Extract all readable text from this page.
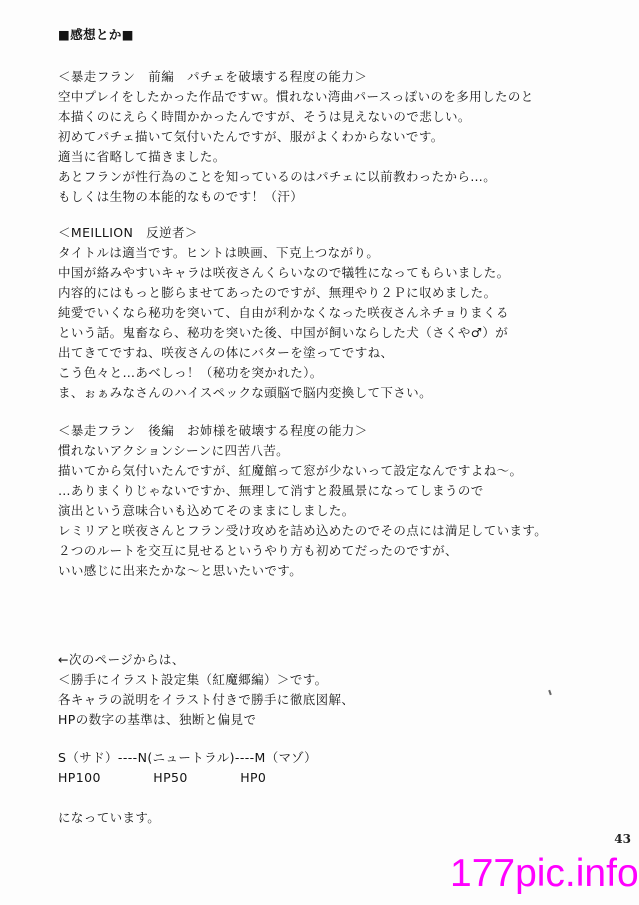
■感想とか■
＜暴走フラン　前編　パチェを破壊する程度の能力＞
空中プレイをしたかった作品ですｗ。慣れない湾曲パースっぽいのを多用したのと
本描くのにえらく時間かかったんですが、そうは見えないので悲しい。
初めてパチェ描いて気付いたんですが、服がよくわからないです。
適当に省略して描きました。
あとフランが性行為のことを知っているのはパチェに以前教わったから…。
もしくは生物の本能的なものです！（汗）
＜MEILLION　反逆者＞
タイトルは適当です。ヒントは映画、下克上つながり。
中国が絡みやすいキャラは咲夜さんくらいなので犠牲になってもらいました。
内容的にはもっと膨らませてあったのですが、無理やり２Ｐに収めました。
純愛でいくなら秘功を突いて、自由が利かなくなった咲夜さんネチョりまくる
という話。鬼畜なら、秘功を突いた後、中国が飼いならした犬（さくや♂）が
出てきてですね、咲夜さんの体にバターを塗ってですね、
こう色々と…あべしっ！（秘功を突かれた）。
ま、ぉぁみなさんのハイスペックな頭脳で脳内変換して下さい。
＜暴走フラン　後編　お姉様を破壊する程度の能力＞
慣れないアクションシーンに四苦八苦。
描いてから気付いたんですが、紅魔館って窓が少ないって設定なんですよね～。
…ありまくりじゃないですか、無理して消すと殺風景になってしまうので
演出という意味合いも込めてそのままにしました。
レミリアと咲夜さんとフラン受け攻めを詰め込めたのでその点には満足しています。
２つのルートを交互に見せるというやり方も初めてだったのですが、
いい感じに出来たかな～と思いたいです。
←次のページからは、
＜勝手にイラスト設定集（紅魔郷編）＞です。
各キャラの説明をイラスト付きで勝手に徹底図解、
HPの数字の基準は、独断と偏見で
S（サド）----N(ニュートラル)----M（マゾ）
HP100            HP50            HP0
になっています。
43
177pic.info
